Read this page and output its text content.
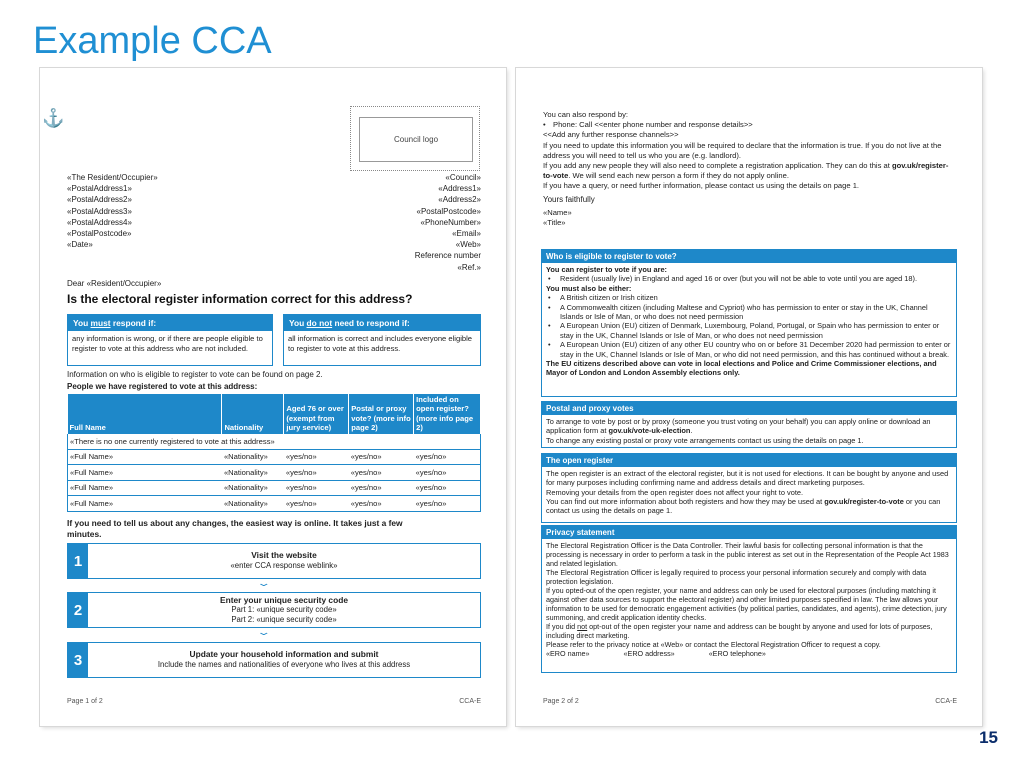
Example CCA
⚓
Council logo
«The Resident/Occupier»
«PostalAddress1»
«PostalAddress2»
«PostalAddress3»
«PostalAddress4»
«PostalPostcode»
«Date»
«Council»
«Address1»
«Address2»
«PostalPostcode»
«PhoneNumber»
«Email»
«Web»
Reference number
«Ref.»
Dear «Resident/Occupier»
Is the electoral register information correct for this address?
You must respond if:
any information is wrong, or if there are people eligible to register to vote at this address who are not included.
You do not need to respond if:
all information is correct and includes everyone eligible to register to vote at this address.
Information on who is eligible to register to vote can be found on page 2.
People we have registered to vote at this address:
Full Name	Nationality	Aged 76 or over (exempt from jury service)	Postal or proxy vote? (more info page 2)	Included on open register? (more info page 2)
«There is no one currently registered to vote at this address»				
«Full Name»	«Nationality»	«yes/no»	«yes/no»	«yes/no»
«Full Name»	«Nationality»	«yes/no»	«yes/no»	«yes/no»
«Full Name»	«Nationality»	«yes/no»	«yes/no»	«yes/no»
«Full Name»	«Nationality»	«yes/no»	«yes/no»	«yes/no»
If you need to tell us about any changes, the easiest way is online. It takes just a few minutes.
1	Visit the website
«enter CCA response weblink»
⌄
2
Enter your unique security code
Part 1: «unique security code»
Part 2: «unique security code»
⌄
3	Update your household information and submit
Include the names and nationalities of everyone who lives at this address
Page 1 of 2	CCA-E
You can also respond by:
• Phone: Call <<enter phone number and response details>>
<<Add any further response channels>>
If you need to update this information you will be required to declare that the information is true. If you do not live at the address you will need to tell us who you are (e.g. landlord).
If you add any new people they will also need to complete a registration application. They can do this at gov.uk/register-to-vote. We will send each new person a form if they do not apply online.
If you have a query, or need further information, please contact us using the details on page 1.
Yours faithfully
«Name»
«Title»
Who is eligible to register to vote?
You can register to vote if you are:
• Resident (usually live) in England and aged 16 or over (but you will not be able to vote until you are aged 18).
You must also be either:
• A British citizen or Irish citizen
• A Commonwealth citizen (including Maltese and Cypriot) who has permission to enter or stay in the UK, Channel Islands or Isle of Man, or who does not need permission
• A European Union (EU) citizen of Denmark, Luxembourg, Poland, Portugal, or Spain who has permission to enter or stay in the UK, Channel Islands or Isle of Man, or who does not need permission
• A European Union (EU) citizen of any other EU country who on or before 31 December 2020 had permission to enter or stay in the UK, Channel Islands or Isle of Man, or who did not need permission, and this has continued without a break.
The EU citizens described above can vote in local elections and Police and Crime Commissioner elections, and Mayor of London and London Assembly elections only.
Postal and proxy votes
To arrange to vote by post or by proxy (someone you trust voting on your behalf) you can apply online or download an application form at gov.uk/vote-uk-election.
To change any existing postal or proxy vote arrangements contact us using the details on page 1.
The open register
The open register is an extract of the electoral register, but it is not used for elections. It can be bought by anyone and used for many purposes including confirming name and address details and direct marketing purposes.
Removing your details from the open register does not affect your right to vote.
You can find out more information about both registers and how they may be used at gov.uk/register-to-vote or you can contact us using the details on page 1.
Privacy statement
The Electoral Registration Officer is the Data Controller. Their lawful basis for collecting personal information is that the processing is necessary in order to perform a task in the public interest as set out in the Representation of the People Act 1983 and related legislation.
The Electoral Registration Officer is legally required to process your personal information securely and comply with data protection legislation.
If you opted-out of the open register, your name and address can only be used for electoral purposes (including matching it against other data sources to support the electoral register) and other limited purposes specified in law. The law allows your information to be used for democratic engagement activities (by political parties, candidates, and agents), crime detection, jury summoning, and credit application identity checks.
If you did not opt-out of the open register your name and address can be bought by anyone and used for lots of purposes, including direct marketing.
Please refer to the privacy notice at «Web» or contact the Electoral Registration Officer to request a copy.
«ERO name»	«ERO address»	«ERO telephone»
Page 2 of 2	CCA-E
15
